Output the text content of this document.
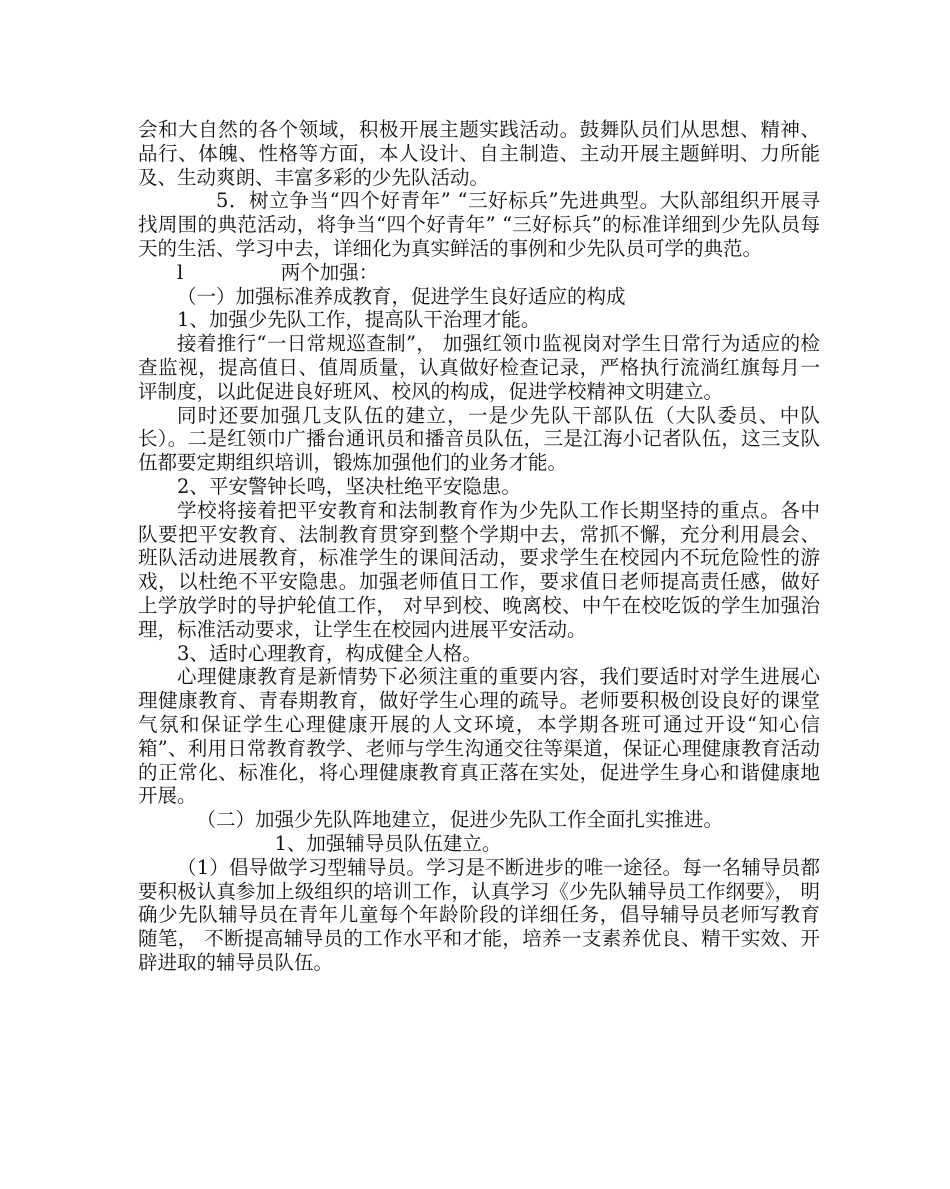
会和大自然的各个领域，积极开展主题实践活动。鼓舞队员们从思想、精神、品行、体魄、性格等方面，本人设计、自主制造、主动开展主题鲜明、力所能及、生动爽朗、丰富多彩的少先队活动。

5．树立争当“四个好青年” “三好标兵”先进典型。大队部组织开展寻找周围的典范活动，将争当“四个好青年” “三好标兵”的标准详细到少先队员每天的生活、学习中去，详细化为真实鲜活的事例和少先队员可学的典范。

l　　　　　两个加强：

（一）加强标准养成教育，促进学生良好适应的构成

1、加强少先队工作，提高队干治理才能。

接着推行“一日常规巡查制”， 加强红领巾监视岗对学生日常行为适应的检查监视，提高值日、值周质量，认真做好检查记录，严格执行流淌红旗每月一评制度，以此促进良好班风、校风的构成，促进学校精神文明建立。

同时还要加强几支队伍的建立，一是少先队干部队伍（大队委员、中队长）。二是红领巾广播台通讯员和播音员队伍，三是江海小记者队伍，这三支队伍都要定期组织培训，锻炼加强他们的业务才能。

2、平安警钟长鸣，坚决杜绝平安隐患。

学校将接着把平安教育和法制教育作为少先队工作长期坚持的重点。各中队要把平安教育、法制教育贯穿到整个学期中去，常抓不懈，充分利用晨会、班队活动进展教育，标准学生的课间活动，要求学生在校园内不玩危险性的游戏，以杜绝不平安隐患。加强老师值日工作，要求值日老师提高责任感，做好上学放学时的导护轮值工作， 对早到校、晚离校、中午在校吃饭的学生加强治理，标准活动要求，让学生在校园内进展平安活动。

3、适时心理教育，构成健全人格。

心理健康教育是新情势下必须注重的重要内容，我们要适时对学生进展心理健康教育、青春期教育，做好学生心理的疏导。老师要积极创设良好的课堂气氛和保证学生心理健康开展的人文环境，本学期各班可通过开设“知心信箱”、利用日常教育教学、老师与学生沟通交往等渠道，保证心理健康教育活动的正常化、标准化，将心理健康教育真正落在实处，促进学生身心和谐健康地开展。

（二）加强少先队阵地建立，促进少先队工作全面扎实推进。

1、加强辅导员队伍建立。

（1）倡导做学习型辅导员。学习是不断进步的唯一途径。每一名辅导员都要积极认真参加上级组织的培训工作，认真学习《少先队辅导员工作纲要》， 明确少先队辅导员在青年儿童每个年龄阶段的详细任务，倡导辅导员老师写教育随笔， 不断提高辅导员的工作水平和才能，培养一支素养优良、精干实效、开辟进取的辅导员队伍。
